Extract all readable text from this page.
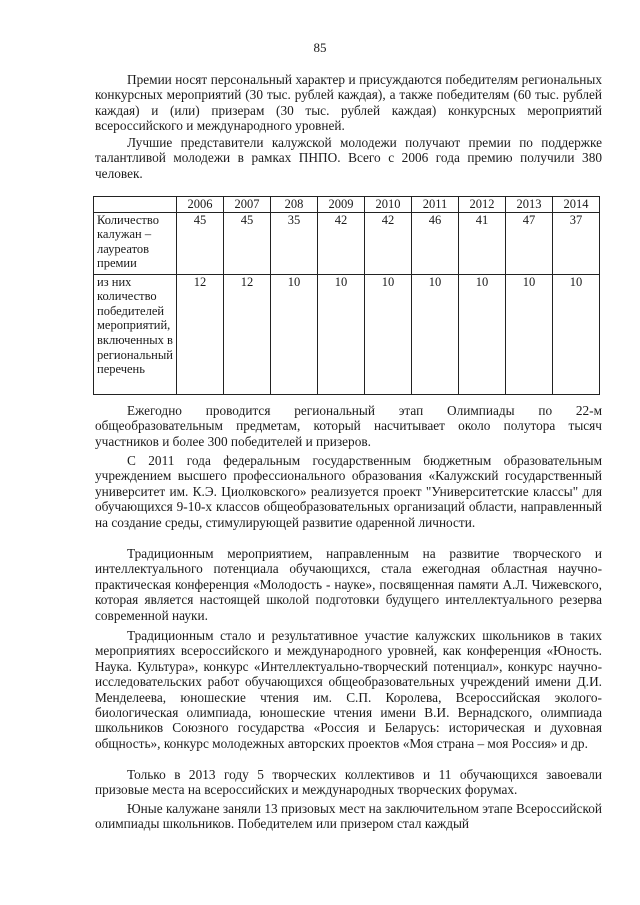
85

Премии носят персональный характер и присуждаются победителям региональных конкурсных мероприятий (30 тыс. рублей каждая), а также победителям (60 тыс. рублей каждая) и (или) призерам (30 тыс. рублей каждая) конкурсных мероприятий всероссийского и международного уровней.

Лучшие представители калужской молодежи получают премии по поддержке талантливой молодежи в рамках ПНПО. Всего с 2006 года премию получили 380 человек.

	2006	2007	208	2009	2010	2011	2012	2013	2014
Количество калужан – лауреатов премии	45	45	35	42	42	46	41	47	37
из них количество победителей мероприятий, включенных в региональный перечень	12	12	10	10	10	10	10	10	10

Ежегодно проводится региональный этап Олимпиады по 22-м общеобразовательным предметам, который насчитывает около полутора тысяч участников и более 300 победителей и призеров.

С 2011 года федеральным государственным бюджетным образовательным учреждением высшего профессионального образования «Калужский государственный университет им. К.Э. Циолковского» реализуется проект "Университетские классы" для обучающихся 9-10-х классов общеобразовательных организаций области, направленный на создание среды, стимулирующей развитие одаренной личности.

Традиционным мероприятием, направленным на развитие творческого и интеллектуального потенциала обучающихся, стала ежегодная областная научно-практическая конференция «Молодость - науке», посвященная памяти А.Л. Чижевского, которая является настоящей школой подготовки будущего интеллектуального резерва современной науки.

Традиционным стало и результативное участие калужских школьников в таких мероприятиях всероссийского и международного уровней, как конференция «Юность. Наука. Культура», конкурс «Интеллектуально-творческий потенциал», конкурс научно-исследовательских работ обучающихся общеобразовательных учреждений имени Д.И. Менделеева, юношеские чтения им. С.П. Королева, Всероссийская эколого-биологическая олимпиада, юношеские чтения имени В.И. Вернадского, олимпиада школьников Союзного государства «Россия и Беларусь: историческая и духовная общность», конкурс молодежных авторских проектов «Моя страна – моя Россия» и др.

Только в 2013 году 5 творческих коллективов и 11 обучающихся завоевали призовые места на всероссийских и международных творческих форумах.

Юные калужане заняли 13 призовых мест на заключительном этапе Всероссийской олимпиады школьников. Победителем или призером стал каждый
